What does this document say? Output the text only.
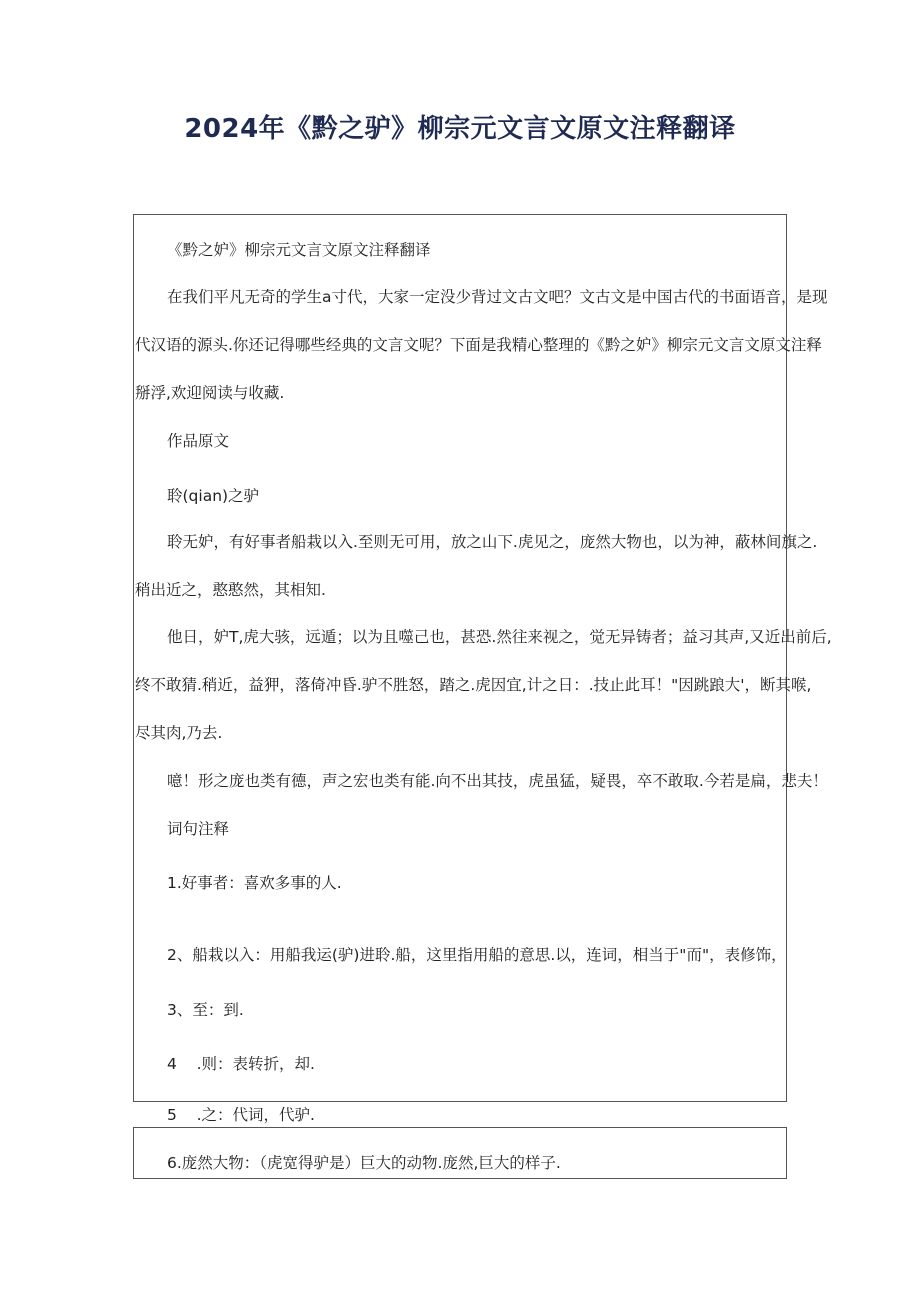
2024年《黔之驴》柳宗元文言文原文注释翻译
《黔之妒》柳宗元文言文原文注释翻译
在我们平凡无奇的学生a寸代，大家一定没少背过文古文吧？文古文是中国古代的书面语音，是现
代汉语的源头.你还记得哪些经典的文言文呢？下面是我精心整理的《黔之妒》柳宗元文言文原文注释
掰浮,欢迎阅读与收藏.
作品原文
聆(qian)之驴
聆无妒，有好事者船栽以入.至则无可用，放之山下.虎见之，庞然大物也，以为神，蔽林间旗之.
稍出近之，憨憨然，其相知.
他日，妒T,虎大骇，远遁；以为且噬己也，甚恐.然往来视之，觉无异铸者；益习其声,又近出前后,
终不敢猜.稍近，益狎，落倚冲昏.驴不胜怒，踏之.虎因宜,计之日：.技止此耳！"因跳踉大'，断其喉,
尽其肉,乃去.
噫！形之庞也类有德，声之宏也类有能.向不出其技，虎虽猛，疑畏，卒不敢取.今若是扁，悲夫！
词句注释
1.好事者：喜欢多事的人.
2、船栽以入：用船我运(驴)进聆.船，这里指用船的意思.以，连词，相当于"而"，表修饰，
3、至：到.
4    .则：表转折，却.
5    .之：代词，代驴.
6.庞然大物：（虎宽得驴是）巨大的动物.庞然,巨大的样子.
